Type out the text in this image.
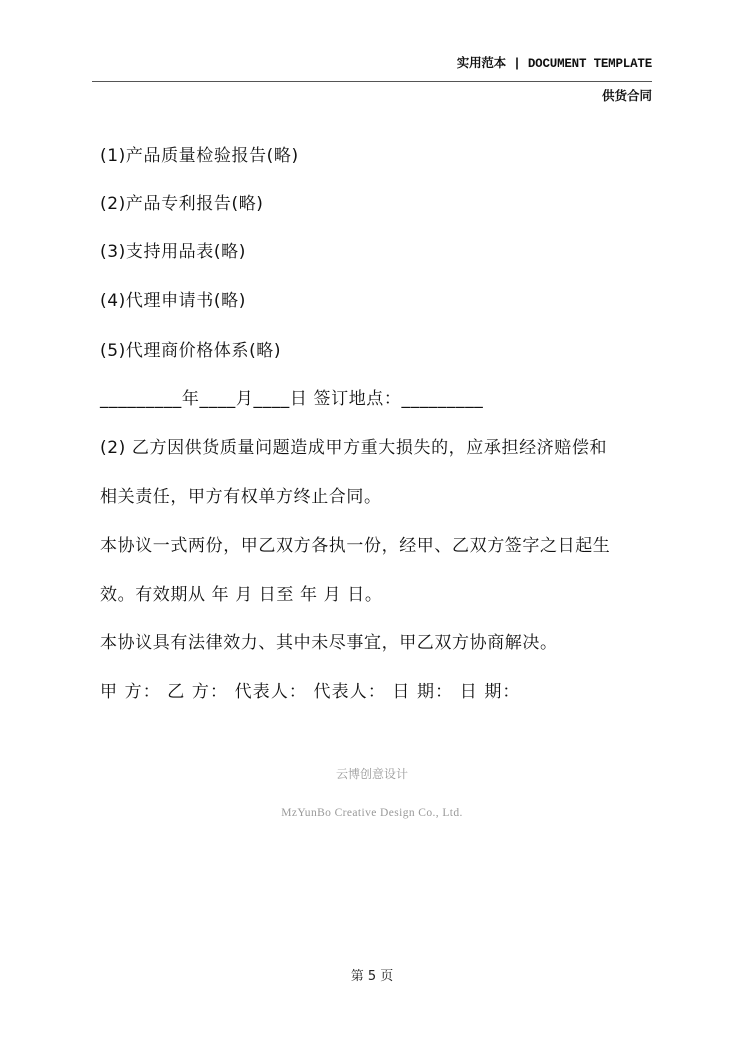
实用范本 | DOCUMENT TEMPLATE
供货合同
(1)产品质量检验报告(略)
(2)产品专利报告(略)
(3)支持用品表(略)
(4)代理申请书(略)
(5)代理商价格体系(略)
_________年____月____日 签订地点：_________
(2) 乙方因供货质量问题造成甲方重大损失的，应承担经济赔偿和
相关责任，甲方有权单方终止合同。
本协议一式两份，甲乙双方各执一份，经甲、乙双方签字之日起生
效。有效期从 年 月 日至 年 月 日。
本协议具有法律效力、其中未尽事宜，甲乙双方协商解决。
甲 方： 乙 方： 代表人： 代表人： 日 期： 日 期：
云博创意设计
MzYunBo Creative Design Co., Ltd.
第 5 页
